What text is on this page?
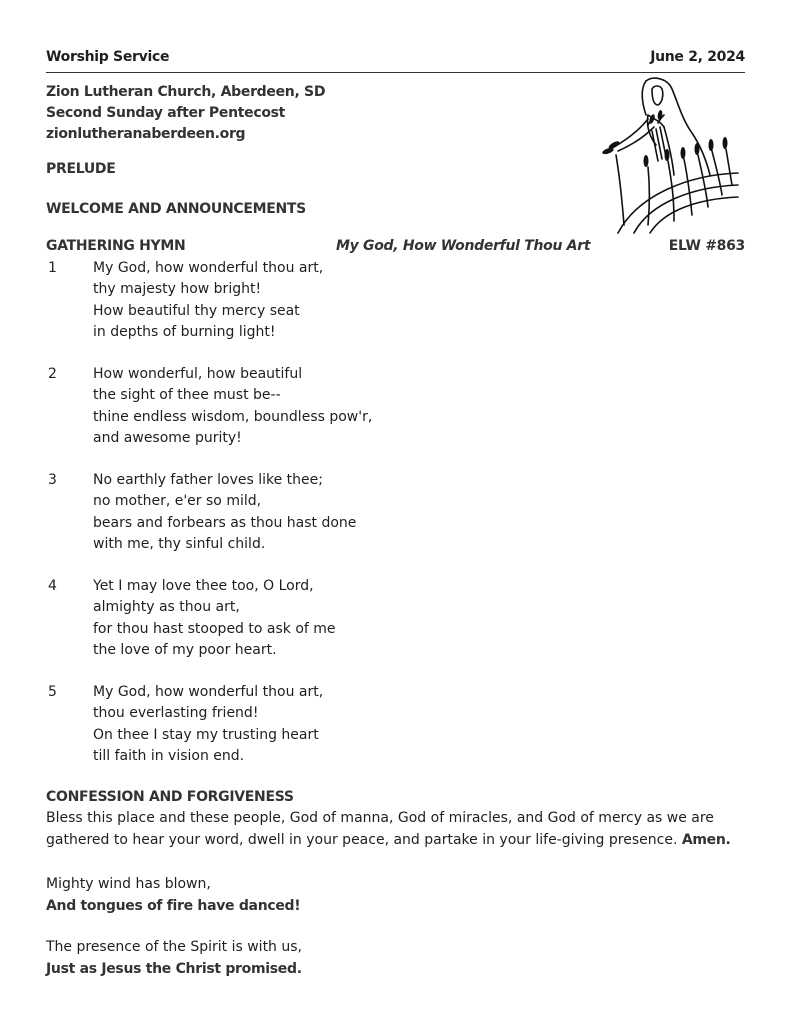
Worship Service	June 2, 2024
Zion Lutheran Church, Aberdeen, SD
Second Sunday after Pentecost
zionlutheranaberdeen.org
PRELUDE
WELCOME AND ANNOUNCEMENTS
GATHERING HYMN	My God, How Wonderful Thou Art	ELW #863
1	My God, how wonderful thou art,
thy majesty how bright!
How beautiful thy mercy seat
in depths of burning light!
2	How wonderful, how beautiful
the sight of thee must be--
thine endless wisdom, boundless pow'r,
and awesome purity!
3	No earthly father loves like thee;
no mother, e'er so mild,
bears and forbears as thou hast done
with me, thy sinful child.
4	Yet I may love thee too, O Lord,
almighty as thou art,
for thou hast stooped to ask of me
the love of my poor heart.
5	My God, how wonderful thou art,
thou everlasting friend!
On thee I stay my trusting heart
till faith in vision end.
CONFESSION AND FORGIVENESS
Bless this place and these people, God of manna, God of miracles, and God of mercy as we are
gathered to hear your word, dwell in your peace, and partake in your life-giving presence. Amen.
Mighty wind has blown,
And tongues of fire have danced!
The presence of the Spirit is with us,
Just as Jesus the Christ promised.
